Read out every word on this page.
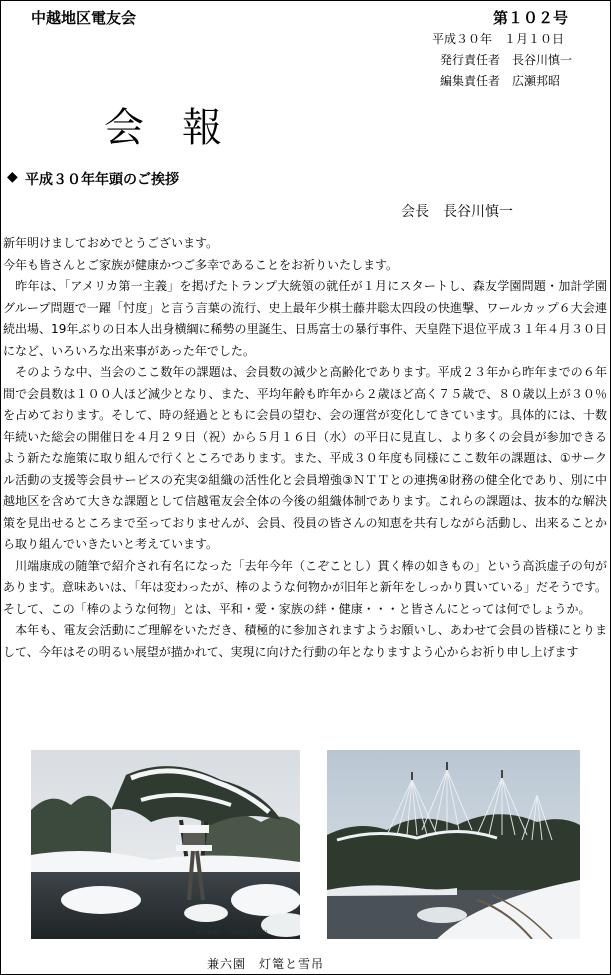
中越地区電友会	第１０２号
平成３０年　１月１０日
発行責任者　長谷川慎一
編集責任者　広瀬邦昭
会報
◆ 平成３０年年頭のご挨拶
会長　長谷川慎一

新年明けましておめでとうございます。

今年も皆さんとご家族が健康かつご多幸であることをお祈りいたします。

　昨年は、「アメリカ第一主義」を掲げたトランプ大統領の就任が１月にスタートし、森友学園問題・加計学園グループ問題で一躍「忖度」と言う言葉の流行、史上最年少棋士藤井聡太四段の快進撃、ワールカップ６大会連続出場、19年ぶりの日本人出身横綱に稀勢の里誕生、日馬富士の暴行事件、天皇陛下退位平成３１年４月３０日になど、いろいろな出来事があった年でした。

　そのような中、当会のここ数年の課題は、会員数の減少と高齢化であります。平成２３年から昨年までの６年間で会員数は１００人ほど減少となり、また、平均年齢も昨年から２歳ほど高く７５歳で、８０歳以上が３０％を占めております。そして、時の経過とともに会員の望む、会の運営が変化してきています。具体的には、十数年続いた総会の開催日を４月２９日（祝）から５月１６日（水）の平日に見直し、より多くの会員が参加できるよう新たな施策に取り組んで行くところであります。また、平成３０年度も同様にここ数年の課題は、①サークル活動の支援等会員サービスの充実②組織の活性化と会員増強③ＮＴＴとの連携④財務の健全化であり、別に中越地区を含めて大きな課題として信越電友会全体の今後の組織体制であります。これらの課題は、抜本的な解決策を見出せるところまで至っておりませんが、会員、役員の皆さんの知恵を共有しながら活動し、出来ることから取り組んでいきたいと考えています。

　川端康成の随筆で紹介され有名になった「去年今年（こぞことし）貫く棒の如きもの」という高浜虚子の句があります。意味あいは、「年は変わったが、棒のような何物かが旧年と新年をしっかり貫いている」だそうです。そして、この「棒のような何物」とは、平和・愛・家族の絆・健康・・・と皆さんにとっては何でしょうか。

　本年も、電友会活動にご理解をいただき、積極的に参加されますようお願いし、あわせて会員の皆様にとりまして、今年はその明るい展望が描かれて、実現に向けた行動の年となりますよう心からお祈り申し上げます

兼六園(撮影　平成22年2月6日)
兼六園　灯篭と雪吊
